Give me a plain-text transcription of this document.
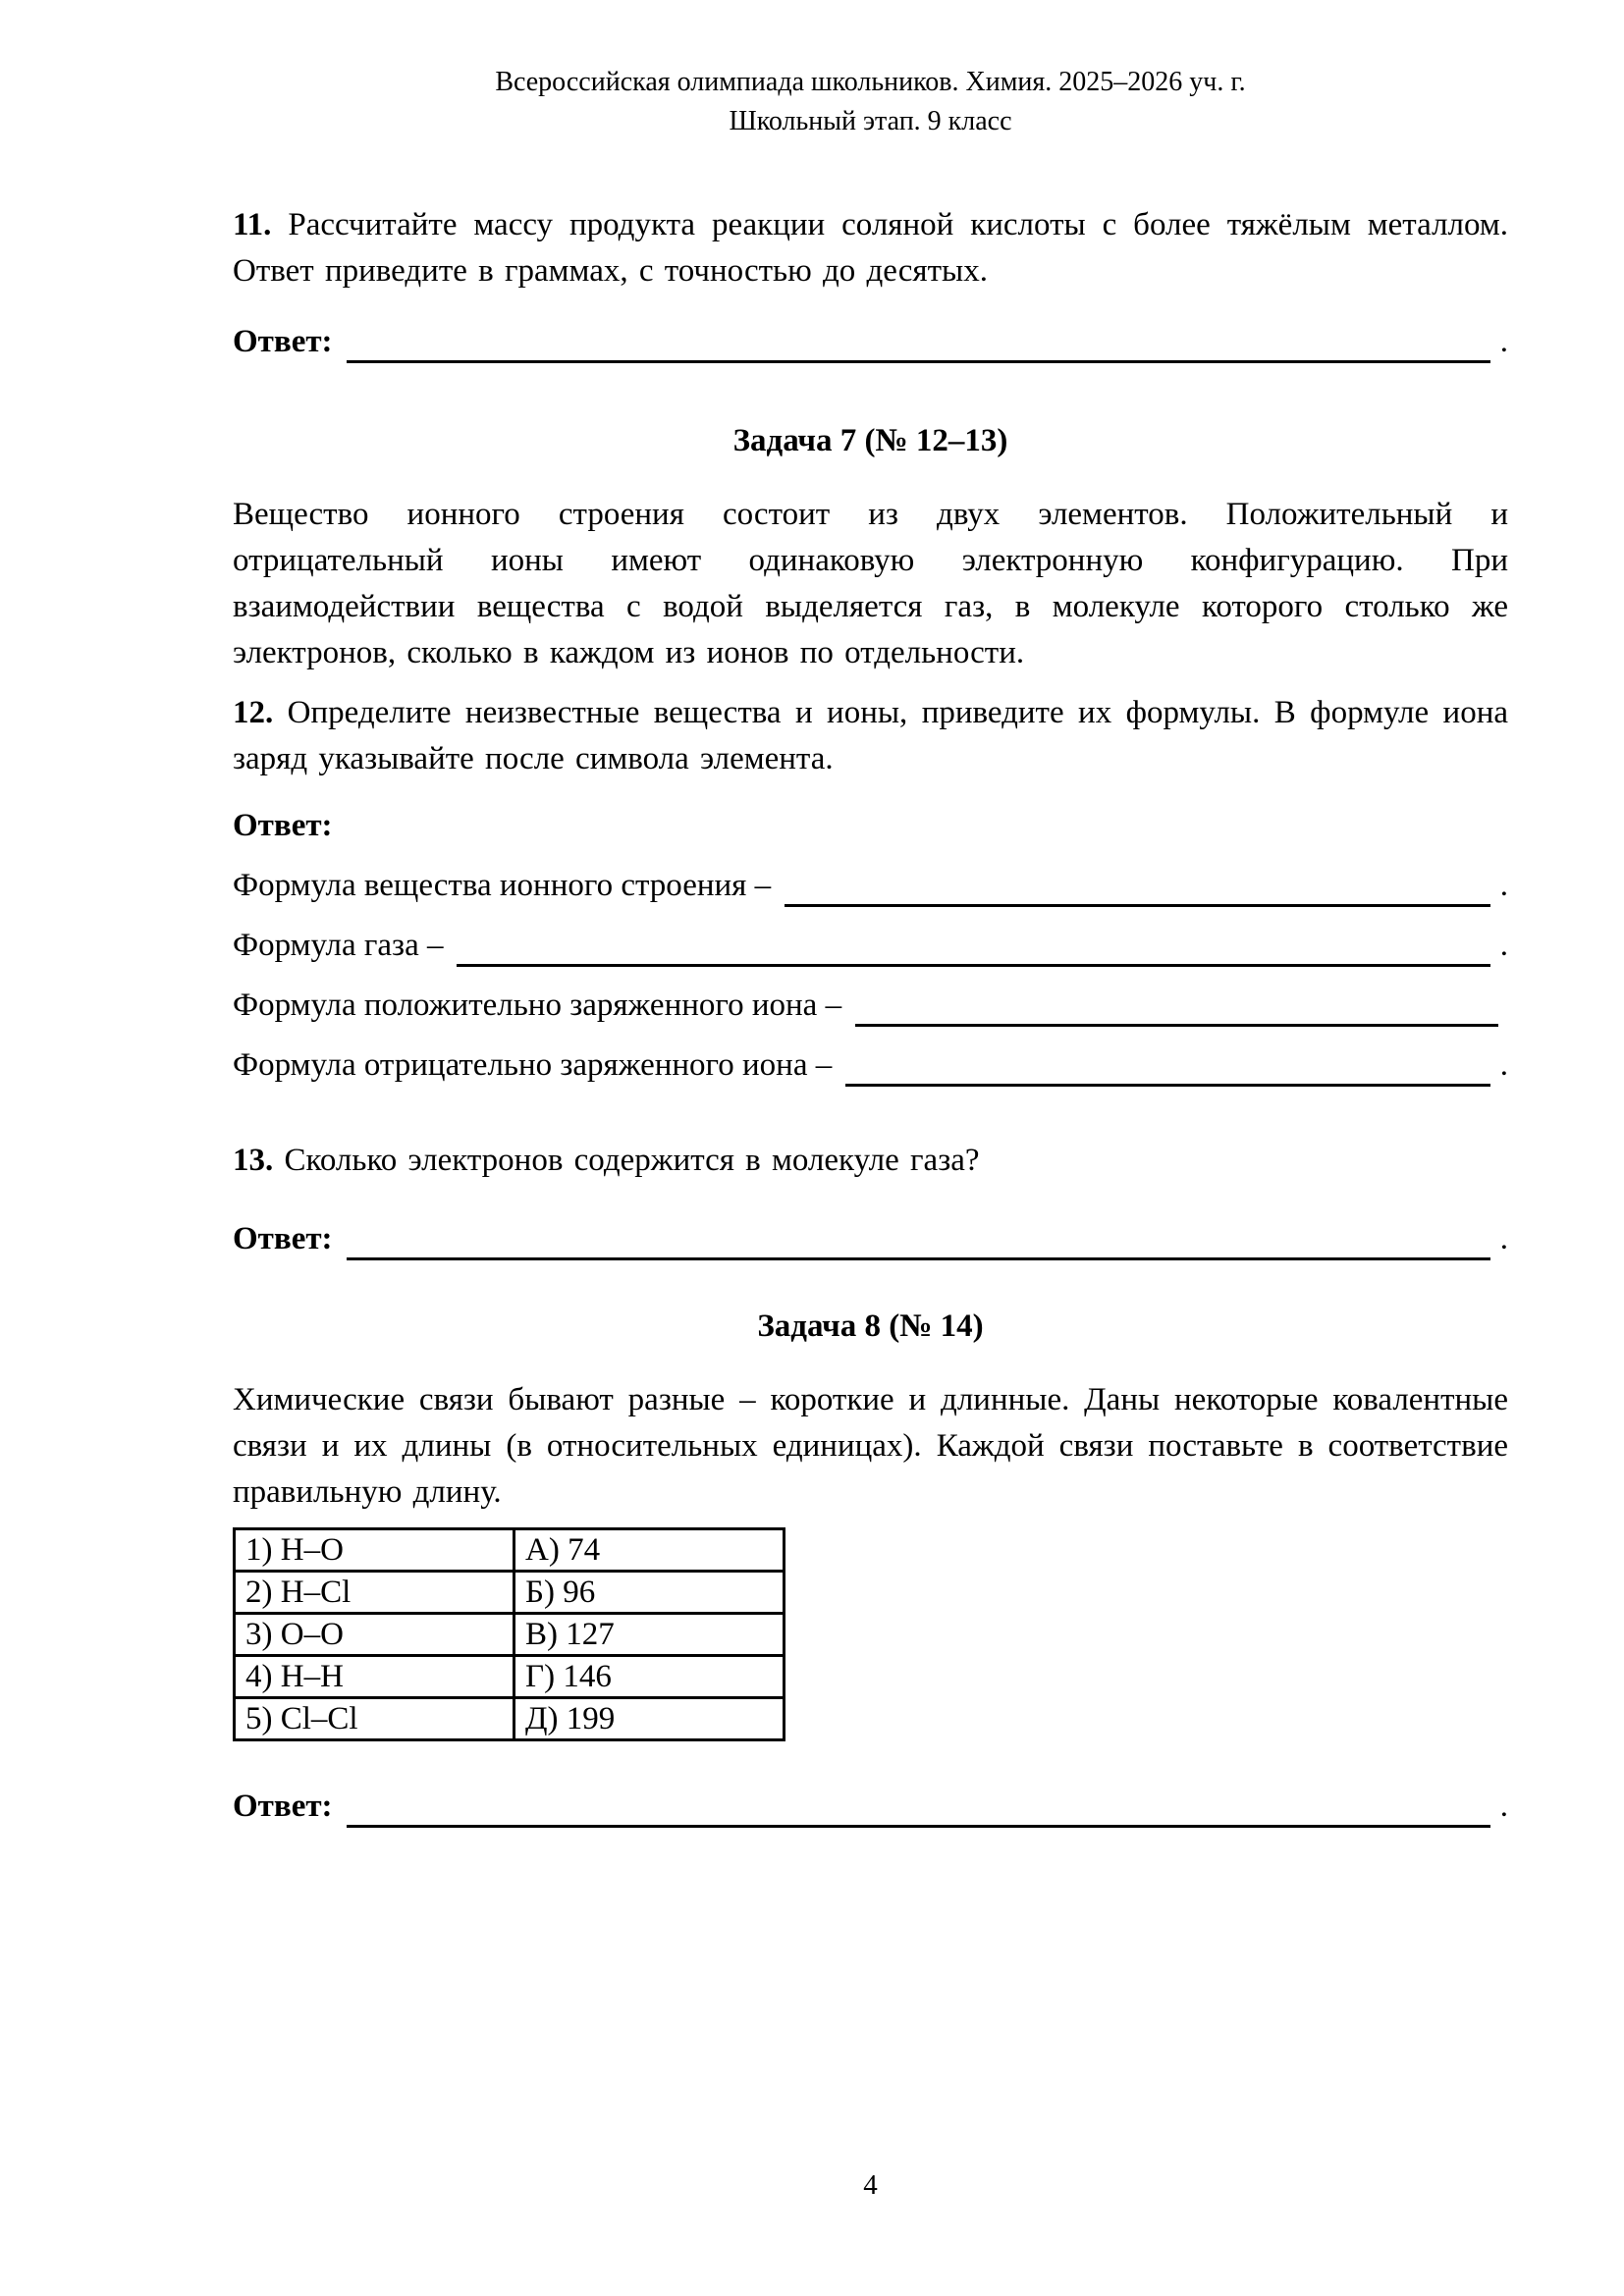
Всероссийская олимпиада школьников. Химия. 2025–2026 уч. г.
Школьный этап. 9 класс

11. Рассчитайте массу продукта реакции соляной кислоты с более тяжёлым металлом. Ответ приведите в граммах, с точностью до десятых.

Ответ:	.
Задача 7 (№ 12–13)

Вещество ионного строения состоит из двух элементов. Положительный и отрицательный ионы имеют одинаковую электронную конфигурацию. При взаимодействии вещества с водой выделяется газ, в молекуле которого столько же электронов, сколько в каждом из ионов по отдельности.

12. Определите неизвестные вещества и ионы, приведите их формулы. В формуле иона заряд указывайте после символа элемента.

Ответ:

Формула вещества ионного строения –	.
Формула газа –	.
Формула положительно заряженного иона –
Формула отрицательно заряженного иона –	.

13. Сколько электронов содержится в молекуле газа?

Ответ:	.
Задача 8 (№ 14)

Химические связи бывают разные – короткие и длинные. Даны некоторые ковалентные связи и их длины (в относительных единицах). Каждой связи поставьте в соответствие правильную длину.

1) H–O	А) 74
2) H–Cl	Б) 96
3) O–O	В) 127
4) H–H	Г) 146
5) Cl–Cl	Д) 199
Ответ:	.
4
